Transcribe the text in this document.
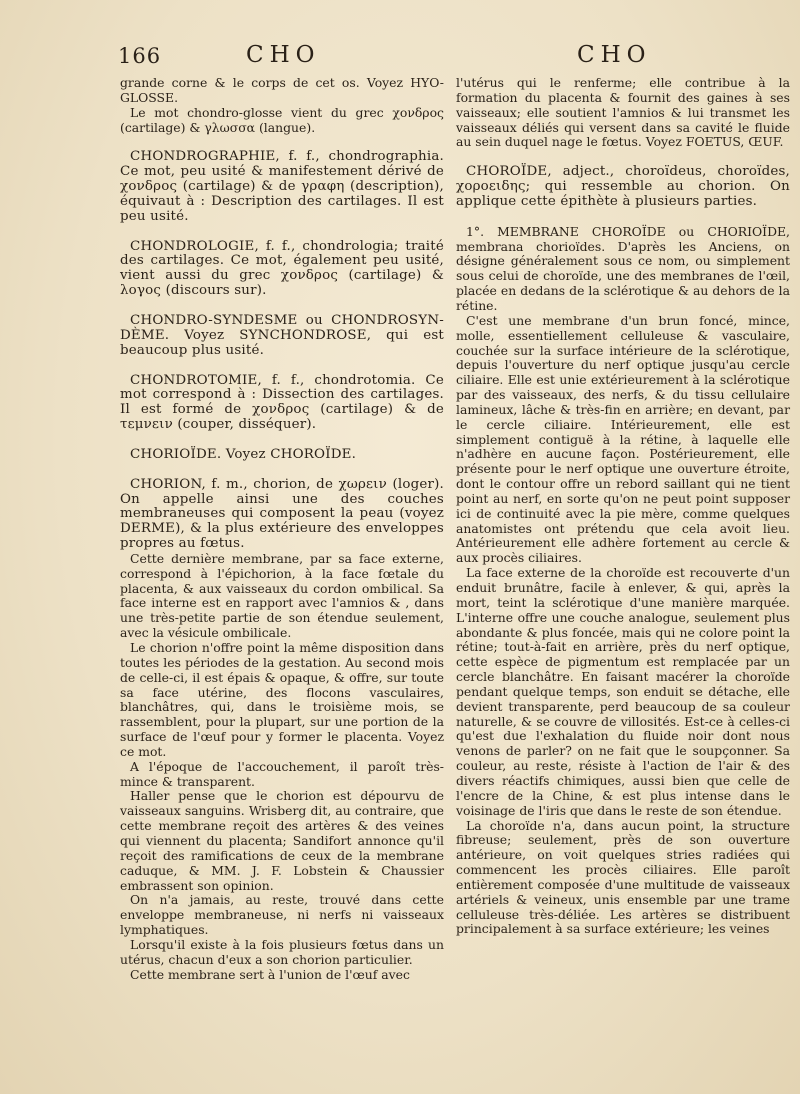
166	CHO	CHO

grande corne & le corps de cet os. Voyez HYO-GLOSSE.

Le mot chondro-glosse vient du grec χονδρος (cartilage) & γλωσσα (langue).

CHONDROGRAPHIE, f. f., chondrographia. Ce mot, peu usité & manifestement dérivé de χονδρος (cartilage) & de γραφη (description), équivaut à : Description des cartilages. Il est peu usité.

CHONDROLOGIE, f. f., chondrologia; traité des cartilages. Ce mot, également peu usité, vient aussi du grec χονδρος (cartilage) & λογος (discours sur).

CHONDRO-SYNDESME ou CHONDROSYN-DÈME. Voyez SYNCHONDROSE, qui est beaucoup plus usité.

CHONDROTOMIE, f. f., chondrotomia. Ce mot correspond à : Dissection des cartilages. Il est formé de χονδρος (cartilage) & de τεμνειν (couper, disséquer).

CHORIOÏDE. Voyez CHOROÏDE.

CHORION, f. m., chorion, de χωρειν (loger). On appelle ainsi une des couches membraneuses qui composent la peau (voyez DERME), & la plus extérieure des enveloppes propres au fœtus.

Cette dernière membrane, par sa face externe, correspond à l'épichorion, à la face fœtale du placenta, & aux vaisseaux du cordon ombilical. Sa face interne est en rapport avec l'amnios & , dans une très-petite partie de son étendue seulement, avec la vésicule ombilicale.

Le chorion n'offre point la même disposition dans toutes les périodes de la gestation. Au second mois de celle-ci, il est épais & opaque, & offre, sur toute sa face utérine, des flocons vasculaires, blanchâtres, qui, dans le troisième mois, se rassemblent, pour la plupart, sur une portion de la surface de l'œuf pour y former le placenta. Voyez ce mot.

A l'époque de l'accouchement, il paroît très-mince & transparent.

Haller pense que le chorion est dépourvu de vaisseaux sanguins. Wrisberg dit, au contraire, que cette membrane reçoit des artères & des veines qui viennent du placenta; Sandifort annonce qu'il reçoit des ramifications de ceux de la membrane caduque, & MM. J. F. Lobstein & Chaussier embrassent son opinion.

On n'a jamais, au reste, trouvé dans cette enveloppe membraneuse, ni nerfs ni vaisseaux lymphatiques.

Lorsqu'il existe à la fois plusieurs fœtus dans un utérus, chacun d'eux a son chorion particulier.

Cette membrane sert à l'union de l'œuf avec

l'utérus qui le renferme; elle contribue à la formation du placenta & fournit des gaines à ses vaisseaux; elle soutient l'amnios & lui transmet les vaisseaux déliés qui versent dans sa cavité le fluide au sein duquel nage le fœtus. Voyez FOETUS, ŒUF.

CHOROÏDE, adject., choroïdeus, choroïdes, χοροειδης; qui ressemble au chorion. On applique cette épithète à plusieurs parties.

1°. MEMBRANE CHOROÏDE ou CHORIOÏDE, membrana chorioïdes. D'après les Anciens, on désigne généralement sous ce nom, ou simplement sous celui de choroïde, une des membranes de l'œil, placée en dedans de la sclérotique & au dehors de la rétine.

C'est une membrane d'un brun foncé, mince, molle, essentiellement celluleuse & vasculaire, couchée sur la surface intérieure de la sclérotique, depuis l'ouverture du nerf optique jusqu'au cercle ciliaire. Elle est unie extérieurement à la sclérotique par des vaisseaux, des nerfs, & du tissu cellulaire lamineux, lâche & très-fin en arrière; en devant, par le cercle ciliaire. Intérieurement, elle est simplement contiguë à la rétine, à laquelle elle n'adhère en aucune façon. Postérieurement, elle présente pour le nerf optique une ouverture étroite, dont le contour offre un rebord saillant qui ne tient point au nerf, en sorte qu'on ne peut point supposer ici de continuité avec la pie mère, comme quelques anatomistes ont prétendu que cela avoit lieu. Antérieurement elle adhère fortement au cercle & aux procès ciliaires.

La face externe de la choroïde est recouverte d'un enduit brunâtre, facile à enlever, & qui, après la mort, teint la sclérotique d'une manière marquée. L'interne offre une couche analogue, seulement plus abondante & plus foncée, mais qui ne colore point la rétine; tout-à-fait en arrière, près du nerf optique, cette espèce de pigmentum est remplacée par un cercle blanchâtre. En faisant macérer la choroïde pendant quelque temps, son enduit se détache, elle devient transparente, perd beaucoup de sa couleur naturelle, & se couvre de villosités. Est-ce à celles-ci qu'est due l'exhalation du fluide noir dont nous venons de parler? on ne fait que le soupçonner. Sa couleur, au reste, résiste à l'action de l'air & des divers réactifs chimiques, aussi bien que celle de l'encre de la Chine, & est plus intense dans le voisinage de l'iris que dans le reste de son étendue.

La choroïde n'a, dans aucun point, la structure fibreuse; seulement, près de son ouverture antérieure, on voit quelques stries radiées qui commencent les procès ciliaires. Elle paroît entièrement composée d'une multitude de vaisseaux artériels & veineux, unis ensemble par une trame celluleuse très-déliée. Les artères se distribuent principalement à sa surface extérieure; les veines
